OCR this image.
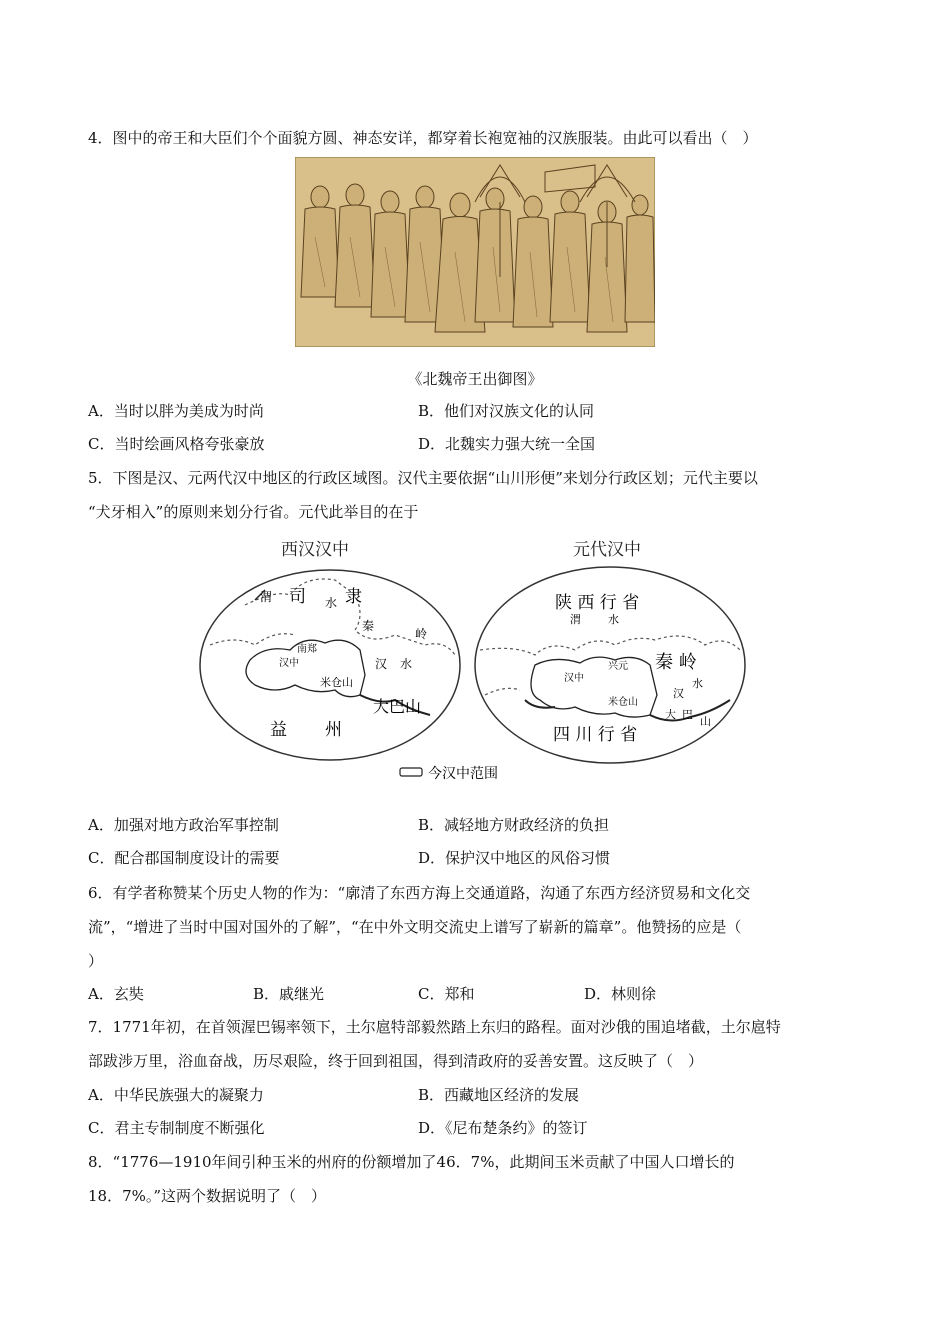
4．图中的帝王和大臣们个个面貌方圆、神态安详，都穿着长袍宽袖的汉族服装。由此可以看出（　）
《北魏帝王出御图》
A．当时以胖为美成为时尚	B．他们对汉族文化的认同
C．当时绘画风格夸张豪放	D．北魏实力强大统一全国
5．下图是汉、元两代汉中地区的行政区域图。汉代主要依据“山川形便”来划分行政区划；元代主要以
“犬牙相入”的原则来划分行省。元代此举目的在于
西汉汉中
渭 司 水 隶
秦
岭
南郑
汉中	汉 水
米仓山
大巴山
益 州
元代汉中
陕 西 行 省
渭 水
兴元
汉中
秦 岭
水
汉
米仓山
大 巴
山
四 川 行 省
今汉中范围
A．加强对地方政治军事控制	B．减轻地方财政经济的负担
C．配合郡国制度设计的需要	D．保护汉中地区的风俗习惯
6．有学者称赞某个历史人物的作为：“廓清了东西方海上交通道路，沟通了东西方经济贸易和文化交
流”，“增进了当时中国对国外的了解”，“在中外文明交流史上谱写了崭新的篇章”。他赞扬的应是（
）
A．玄奘	B．戚继光	C．郑和	D．林则徐
7．1771年初，在首领渥巴锡率领下，土尔扈特部毅然踏上东归的路程。面对沙俄的围追堵截，土尔扈特
部跋涉万里，浴血奋战，历尽艰险，终于回到祖国，得到清政府的妥善安置。这反映了（　）
A．中华民族强大的凝聚力	B．西藏地区经济的发展
C．君主专制制度不断强化	D．《尼布楚条约》的签订
8．“1776—1910年间引种玉米的州府的份额增加了46．7%，此期间玉米贡献了中国人口增长的
18．7%。”这两个数据说明了（　）
